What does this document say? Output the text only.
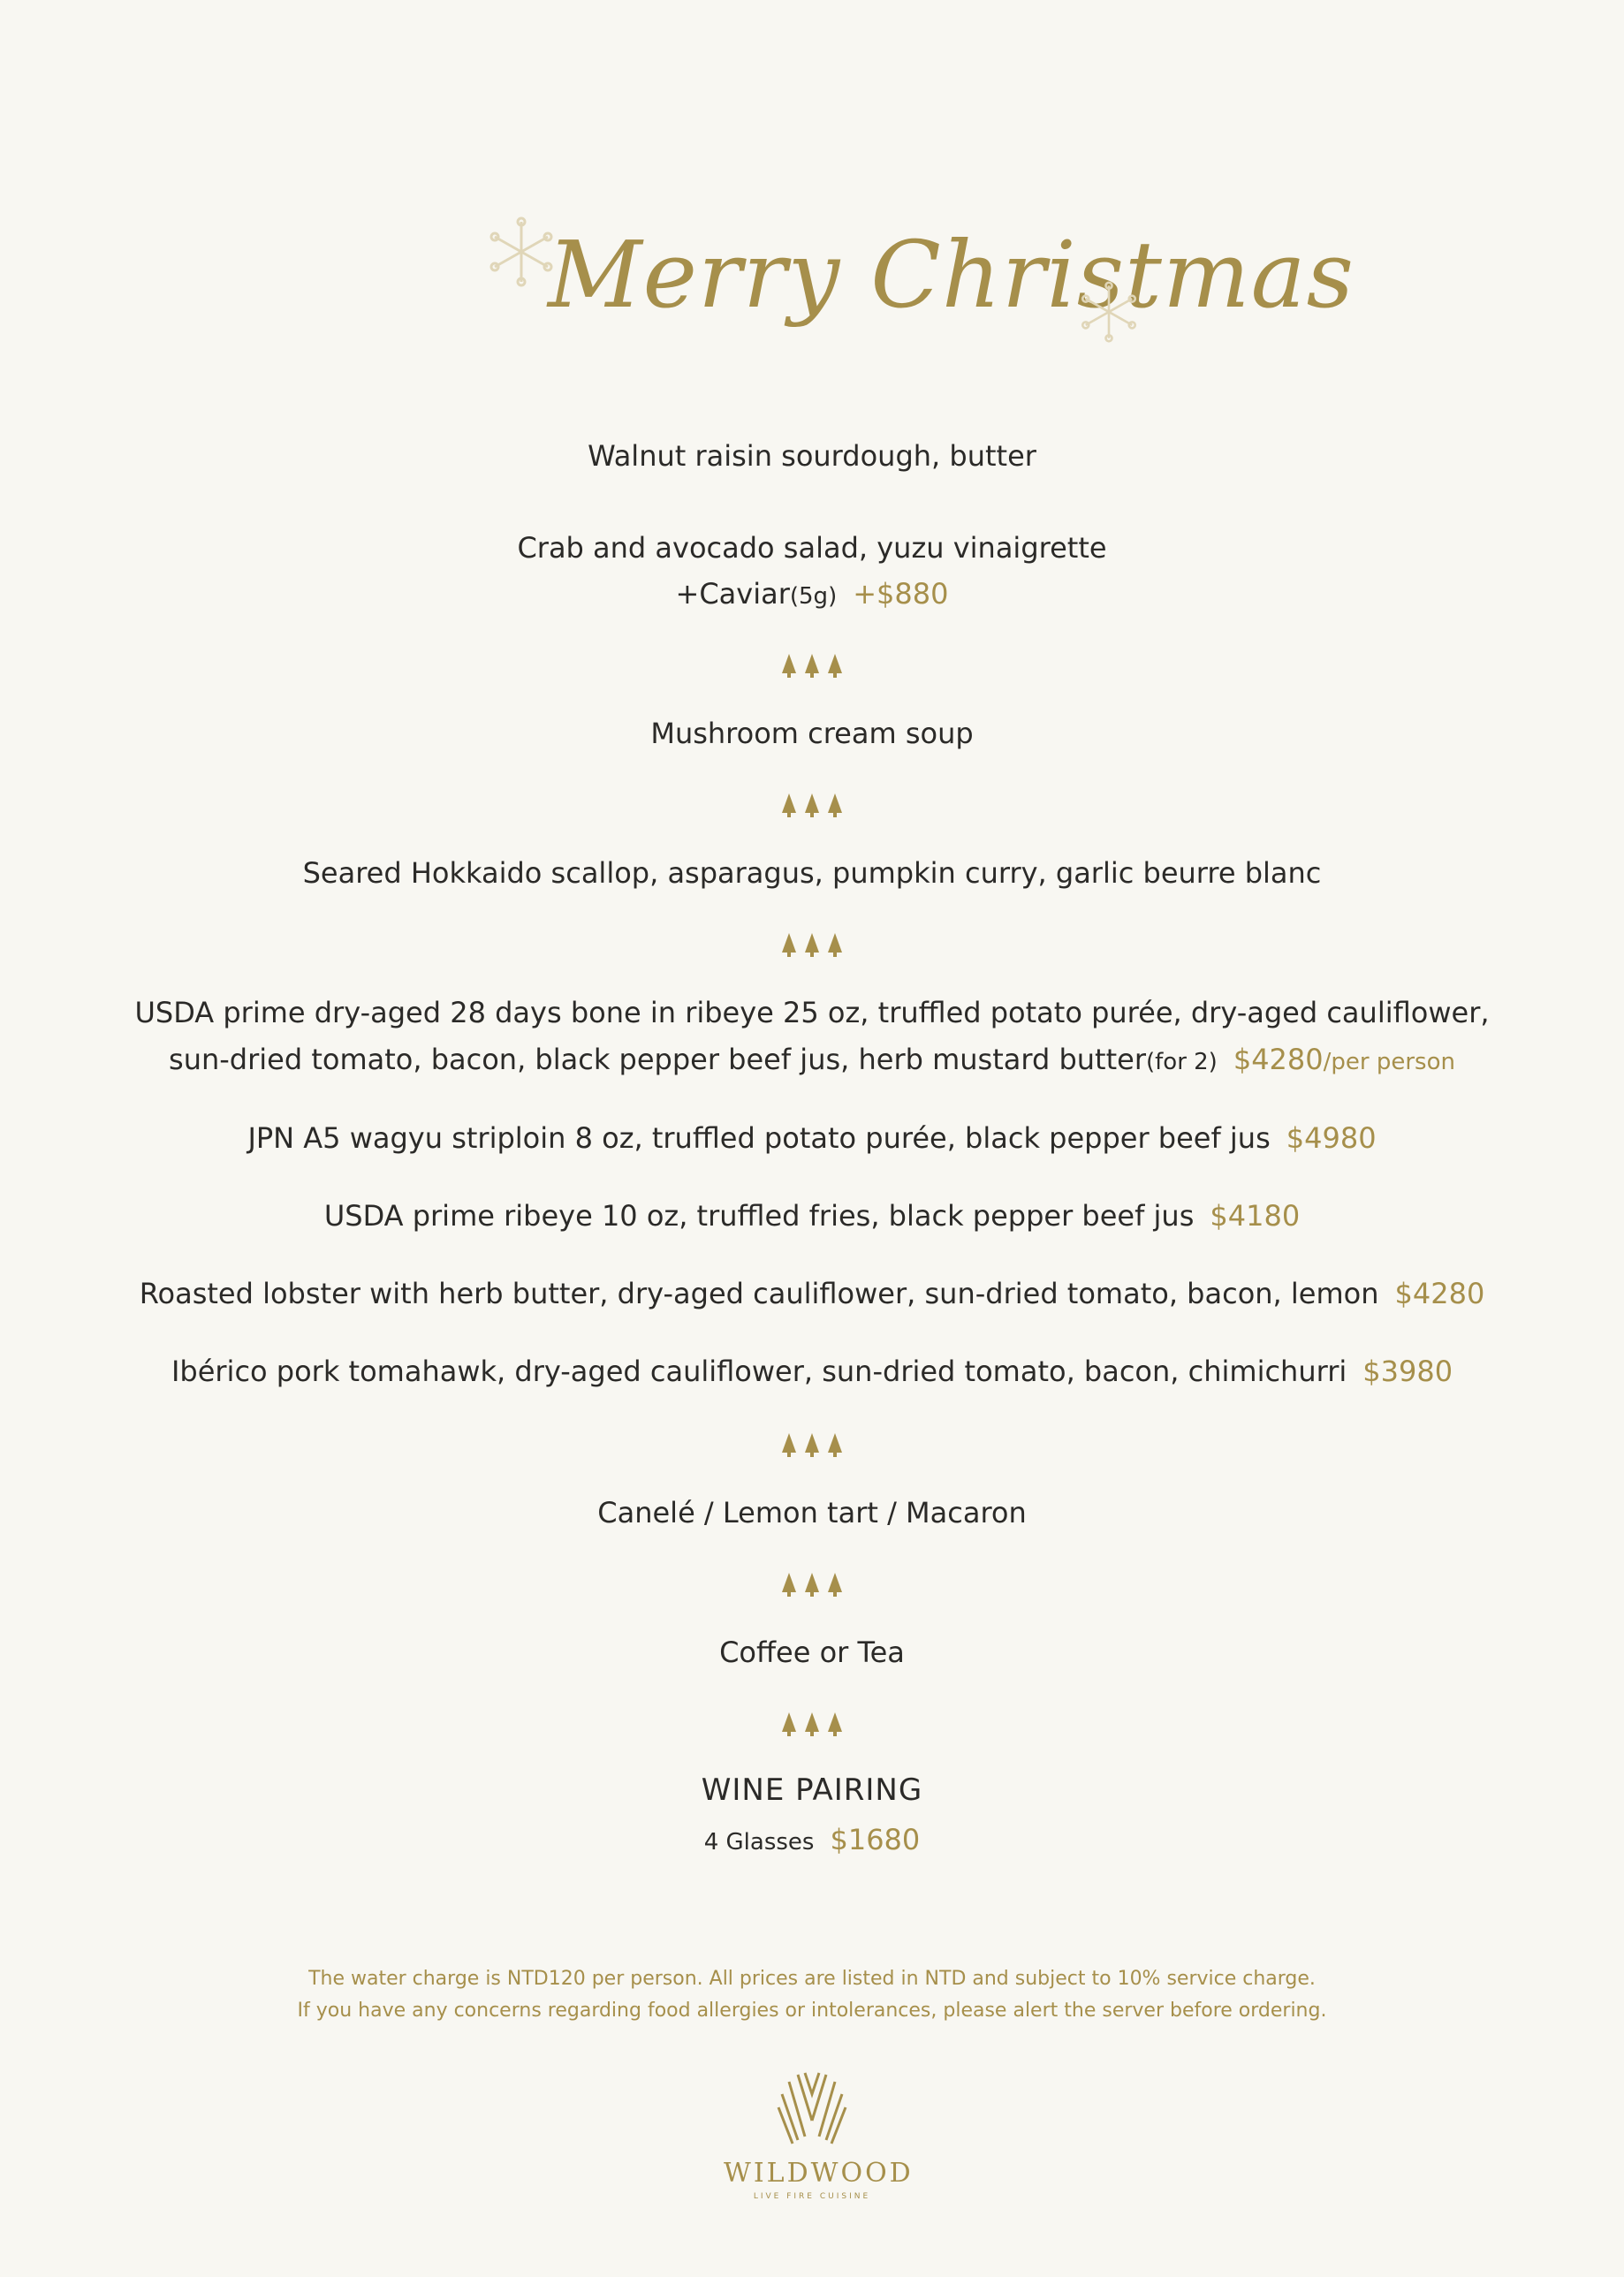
Merry Christmas
Walnut raisin sourdough, butter
Crab and avocado salad, yuzu vinaigrette
+Caviar(5g) +$880
Mushroom cream soup
Seared Hokkaido scallop, asparagus, pumpkin curry, garlic beurre blanc
USDA prime dry-aged 28 days bone in ribeye 25 oz, truffled potato purée, dry-aged cauliflower,
sun-dried tomato, bacon, black pepper beef jus, herb mustard butter(for 2) $4280/per person
JPN A5 wagyu striploin 8 oz, truffled potato purée, black pepper beef jus $4980
USDA prime ribeye 10 oz, truffled fries, black pepper beef jus $4180
Roasted lobster with herb butter, dry-aged cauliflower, sun-dried tomato, bacon, lemon $4280
Ibérico pork tomahawk, dry-aged cauliflower, sun-dried tomato, bacon, chimichurri $3980
Canelé / Lemon tart / Macaron
Coffee or Tea
WINE PAIRING
4 Glasses $1680
The water charge is NTD120 per person. All prices are listed in NTD and subject to 10% service charge.
If you have any concerns regarding food allergies or intolerances, please alert the server before ordering.
WILDWOOD
LIVE FIRE CUISINE
